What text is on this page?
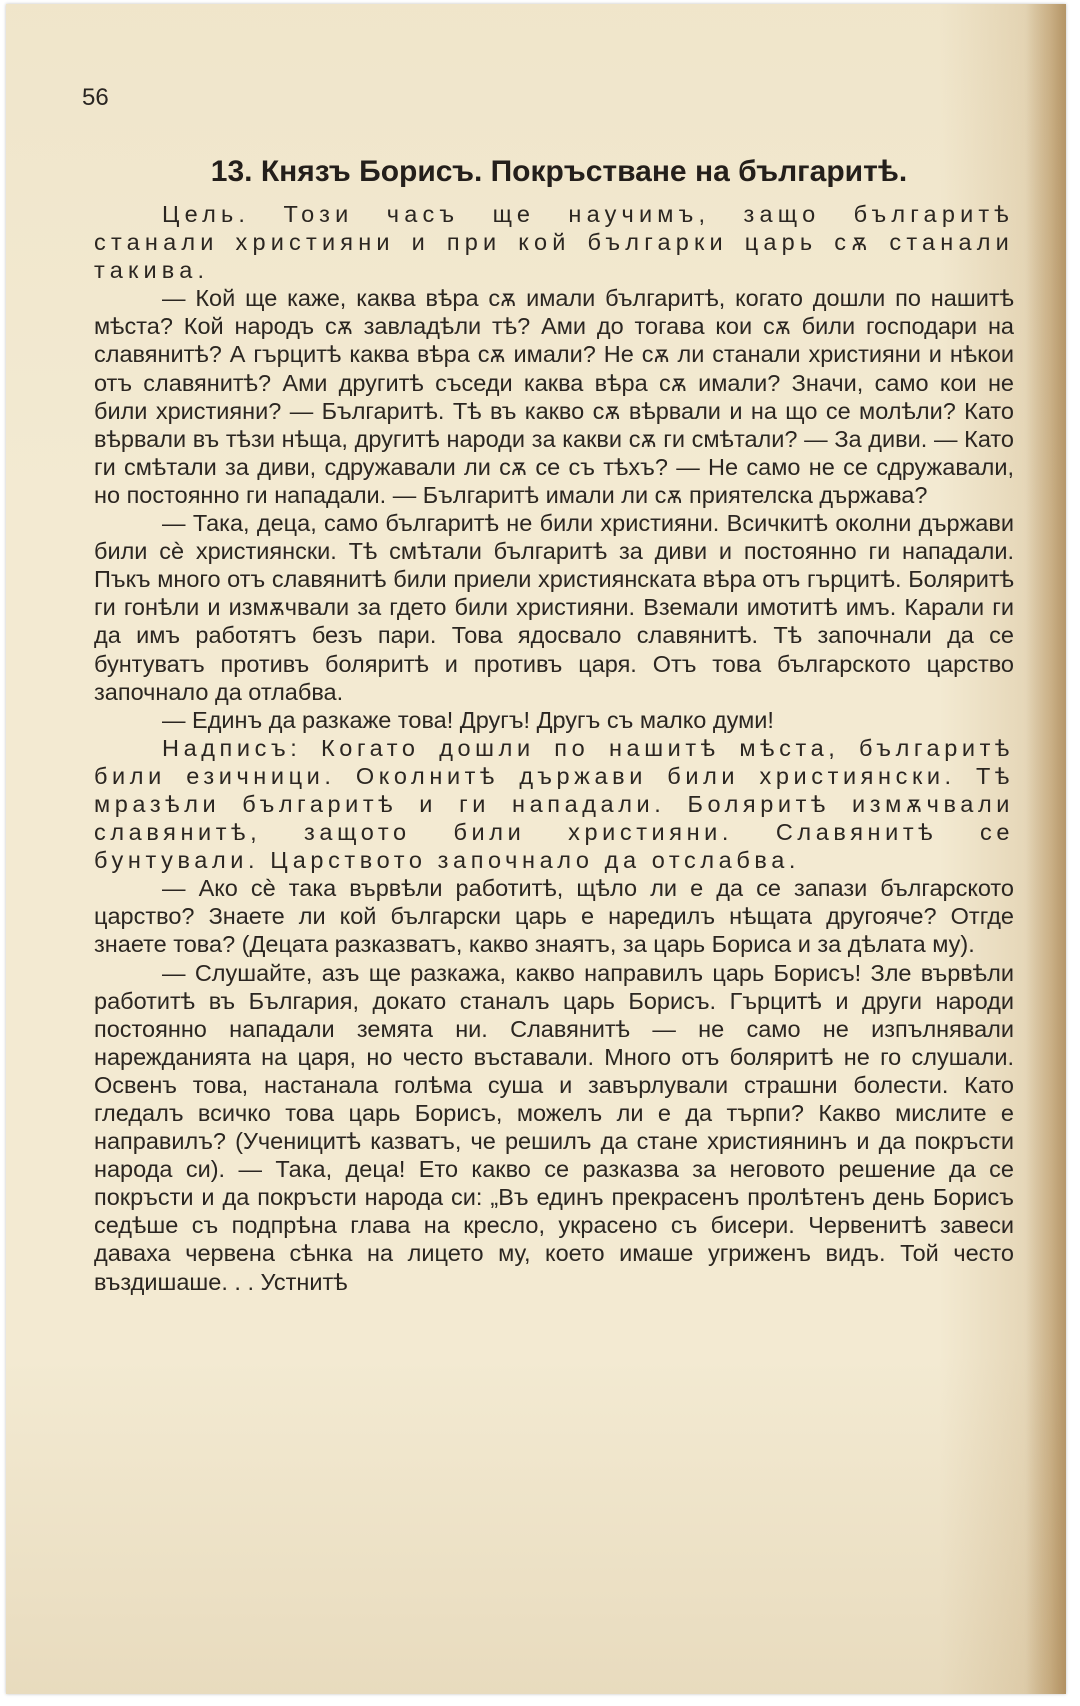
56
13. Князъ Борисъ. Покръстване на българитѣ.

Цель. Този часъ ще научимъ, защо българитѣ станали християни и при кой българки царь сѫ станали такива.

— Кой ще каже, каква вѣра сѫ имали българитѣ, когато дошли по нашитѣ мѣста? Кой народъ сѫ завладѣли тѣ? Ами до тогава кои сѫ били господари на славянитѣ? А гърцитѣ каква вѣра сѫ имали? Не сѫ ли станали християни и нѣкои отъ славянитѣ? Ами другитѣ съседи каква вѣра сѫ имали? Значи, само кои не били християни? — Българитѣ. Тѣ въ какво сѫ вѣрвали и на що се молѣли? Като вѣрвали въ тѣзи нѣща, другитѣ народи за какви сѫ ги смѣтали? — За диви. — Като ги смѣтали за диви, сдружавали ли сѫ се съ тѣхъ? — Не само не се сдружавали, но постоянно ги нападали. — Българитѣ имали ли сѫ приятелска държава?

— Така, деца, само българитѣ не били християни. Всичкитѣ околни държави били сѐ християнски. Тѣ смѣтали българитѣ за диви и постоянно ги нападали. Пъкъ много отъ славянитѣ били приели християнската вѣра отъ гърцитѣ. Боляритѣ ги гонѣли и измѫчвали за гдето били християни. Вземали имотитѣ имъ. Карали ги да имъ работятъ безъ пари. Това ядосвало славянитѣ. Тѣ започнали да се бунтуватъ противъ боляритѣ и противъ царя. Отъ това българското царство започнало да отлабва.

— Единъ да разкаже това! Другъ! Другъ съ малко думи!

Надписъ: Когато дошли по нашитѣ мѣста, българитѣ били езичници. Околнитѣ държави били християнски. Тѣ мразѣли българитѣ и ги нападали. Боляритѣ измѫчвали славянитѣ, защото били християни. Славянитѣ се бунтували. Царството започнало да отслабва.

— Ако сѐ така вървѣли работитѣ, щѣло ли е да се запази българското царство? Знаете ли кой български царь е наредилъ нѣщата другояче? Отгде знаете това? (Децата разказватъ, какво знаятъ, за царь Бориса и за дѣлата му).

— Слушайте, азъ ще разкажа, какво направилъ царь Борисъ! Зле вървѣли работитѣ въ България, докато станалъ царь Борисъ. Гърцитѣ и други народи постоянно нападали земята ни. Славянитѣ — не само не изпълнявали нарежданията на царя, но често въставали. Много отъ боляритѣ не го слушали. Освенъ това, настанала голѣма суша и завърлували страшни болести. Като гледалъ всичко това царь Борисъ, можелъ ли е да търпи? Какво мислите е направилъ? (Ученицитѣ казватъ, че решилъ да стане християнинъ и да покръсти народа си). — Така, деца! Ето какво се разказва за неговото решение да се покръсти и да покръсти народа си: „Въ единъ прекрасенъ пролѣтенъ день Борисъ седѣше съ подпрѣна глава на кресло, украсено съ бисери. Червенитѣ завеси даваха червена сѣнка на лицето му, което имаше угриженъ видъ. Той често въздишаше. . . Устнитѣ
